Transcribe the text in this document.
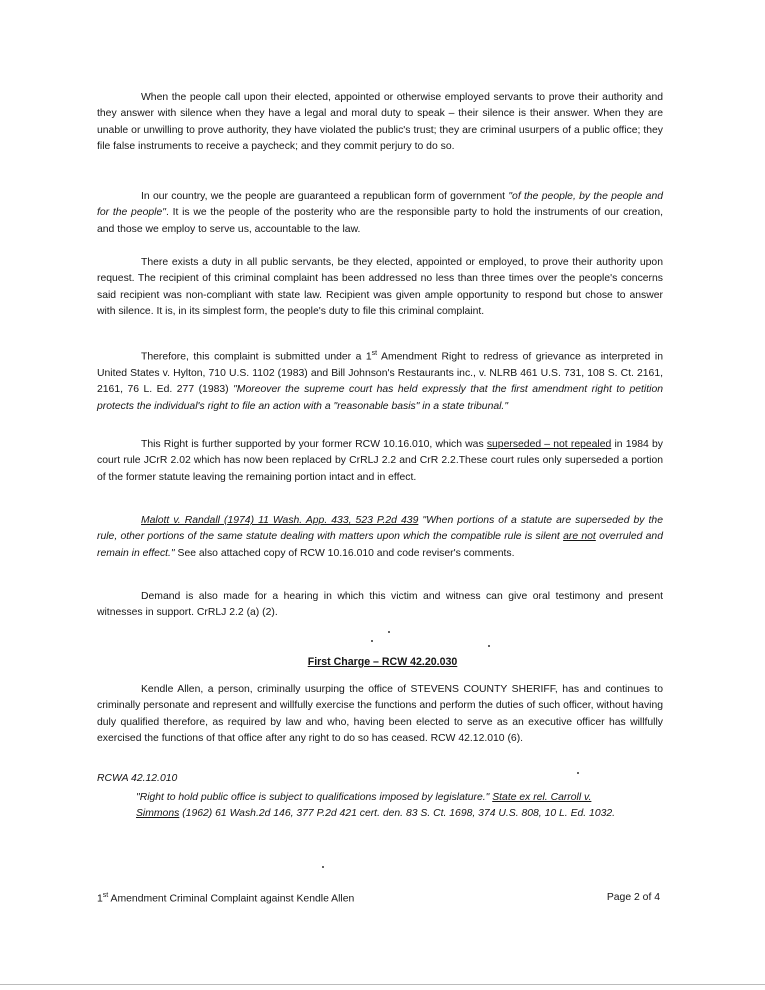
When the people call upon their elected, appointed or otherwise employed servants to prove their authority and they answer with silence when they have a legal and moral duty to speak – their silence is their answer. When they are unable or unwilling to prove authority, they have violated the public's trust; they are criminal usurpers of a public office; they file false instruments to receive a paycheck; and they commit perjury to do so.

In our country, we the people are guaranteed a republican form of government "of the people, by the people and for the people". It is we the people of the posterity who are the responsible party to hold the instruments of our creation, and those we employ to serve us, accountable to the law.

There exists a duty in all public servants, be they elected, appointed or employed, to prove their authority upon request. The recipient of this criminal complaint has been addressed no less than three times over the people's concerns said recipient was non-compliant with state law. Recipient was given ample opportunity to respond but chose to answer with silence. It is, in its simplest form, the people's duty to file this criminal complaint.

Therefore, this complaint is submitted under a 1st Amendment Right to redress of grievance as interpreted in United States v. Hylton, 710 U.S. 1102 (1983) and Bill Johnson's Restaurants inc., v. NLRB 461 U.S. 731, 108 S. Ct. 2161, 2161, 76 L. Ed. 277 (1983) "Moreover the supreme court has held expressly that the first amendment right to petition protects the individual's right to file an action with a "reasonable basis" in a state tribunal."

This Right is further supported by your former RCW 10.16.010, which was superseded – not repealed in 1984 by court rule JCrR 2.02 which has now been replaced by CrRLJ 2.2 and CrR 2.2.These court rules only superseded a portion of the former statute leaving the remaining portion intact and in effect.

Malott v. Randall (1974) 11 Wash. App. 433, 523 P.2d 439 "When portions of a statute are superseded by the rule, other portions of the same statute dealing with matters upon which the compatible rule is silent are not overruled and remain in effect." See also attached copy of RCW 10.16.010 and code reviser's comments.

Demand is also made for a hearing in which this victim and witness can give oral testimony and present witnesses in support. CrRLJ 2.2 (a) (2).

First Charge – RCW 42.20.030

Kendle Allen, a person, criminally usurping the office of STEVENS COUNTY SHERIFF, has and continues to criminally personate and represent and willfully exercise the functions and perform the duties of such officer, without having duly qualified therefore, as required by law and who, having been elected to serve as an executive officer has willfully exercised the functions of that office after any right to do so has ceased. RCW 42.12.010 (6).

RCWA 42.12.010

"Right to hold public office is subject to qualifications imposed by legislature." State ex rel. Carroll v. Simmons (1962) 61 Wash.2d 146, 377 P.2d 421 cert. den. 83 S. Ct. 1698, 374 U.S. 808, 10 L. Ed. 1032.

1st Amendment Criminal Complaint against Kendle Allen	Page 2 of 4
